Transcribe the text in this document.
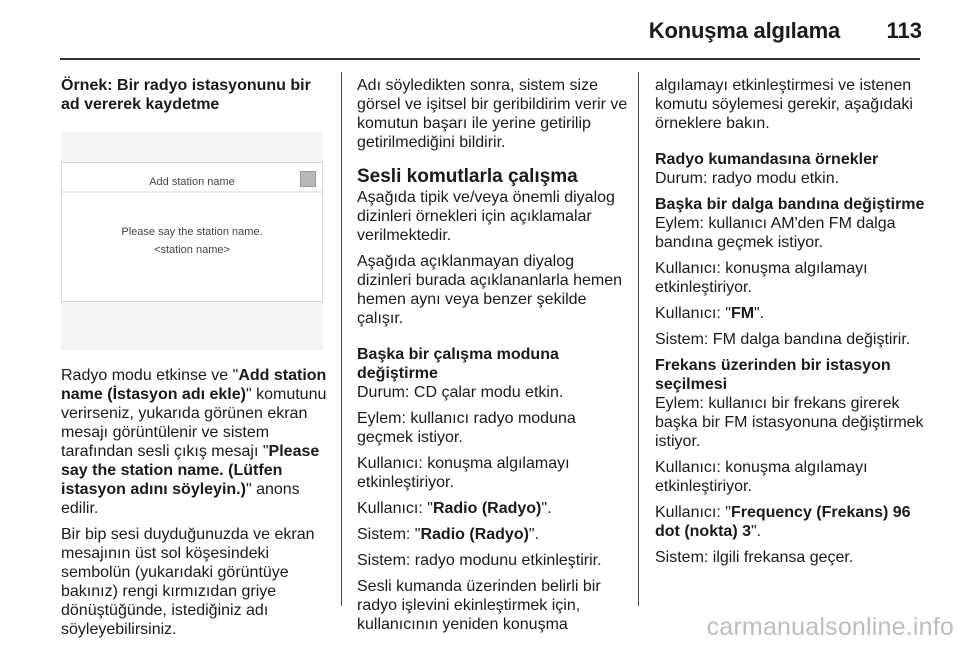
Konuşma algılama 113

Örnek: Bir radyo istasyonunu bir ad vererek kaydetme

Add station name
Please say the station name.
<station name>

Radyo modu etkinse ve "Add station name (İstasyon adı ekle)" komutunu verirseniz, yukarıda görünen ekran mesajı görüntülenir ve sistem tarafından sesli çıkış mesajı "Please say the station name. (Lütfen istasyon adını söyleyin.)" anons edilir.

Bir bip sesi duyduğunuzda ve ekran mesajının üst sol köşesindeki sembolün (yukarıdaki görüntüye bakınız) rengi kırmızıdan griye dönüştüğünde, istediğiniz adı söyleyebilirsiniz.

Adı söyledikten sonra, sistem size görsel ve işitsel bir geribildirim verir ve komutun başarı ile yerine getirilip getirilmediğini bildirir.

Sesli komutlarla çalışma

Aşağıda tipik ve/veya önemli diyalog dizinleri örnekleri için açıklamalar verilmektedir.

Aşağıda açıklanmayan diyalog dizinleri burada açıklananlarla hemen hemen aynı veya benzer şekilde çalışır.

Başka bir çalışma moduna değiştirme

Durum: CD çalar modu etkin.

Eylem: kullanıcı radyo moduna geçmek istiyor.

Kullanıcı: konuşma algılamayı etkinleştiriyor.

Kullanıcı: "Radio (Radyo)".

Sistem: "Radio (Radyo)".

Sistem: radyo modunu etkinleştirir.

Sesli kumanda üzerinden belirli bir radyo işlevini ekinleştirmek için, kullanıcının yeniden konuşma

algılamayı etkinleştirmesi ve istenen komutu söylemesi gerekir, aşağıdaki örneklere bakın.

Radyo kumandasına örnekler

Durum: radyo modu etkin.

Başka bir dalga bandına değiştirme

Eylem: kullanıcı AM'den FM dalga bandına geçmek istiyor.

Kullanıcı: konuşma algılamayı etkinleştiriyor.

Kullanıcı: "FM".

Sistem: FM dalga bandına değiştirir.

Frekans üzerinden bir istasyon seçilmesi

Eylem: kullanıcı bir frekans girerek başka bir FM istasyonuna değiştirmek istiyor.

Kullanıcı: konuşma algılamayı etkinleştiriyor.

Kullanıcı: "Frequency (Frekans) 96 dot (nokta) 3".

Sistem: ilgili frekansa geçer.

carmanualsonline.info
